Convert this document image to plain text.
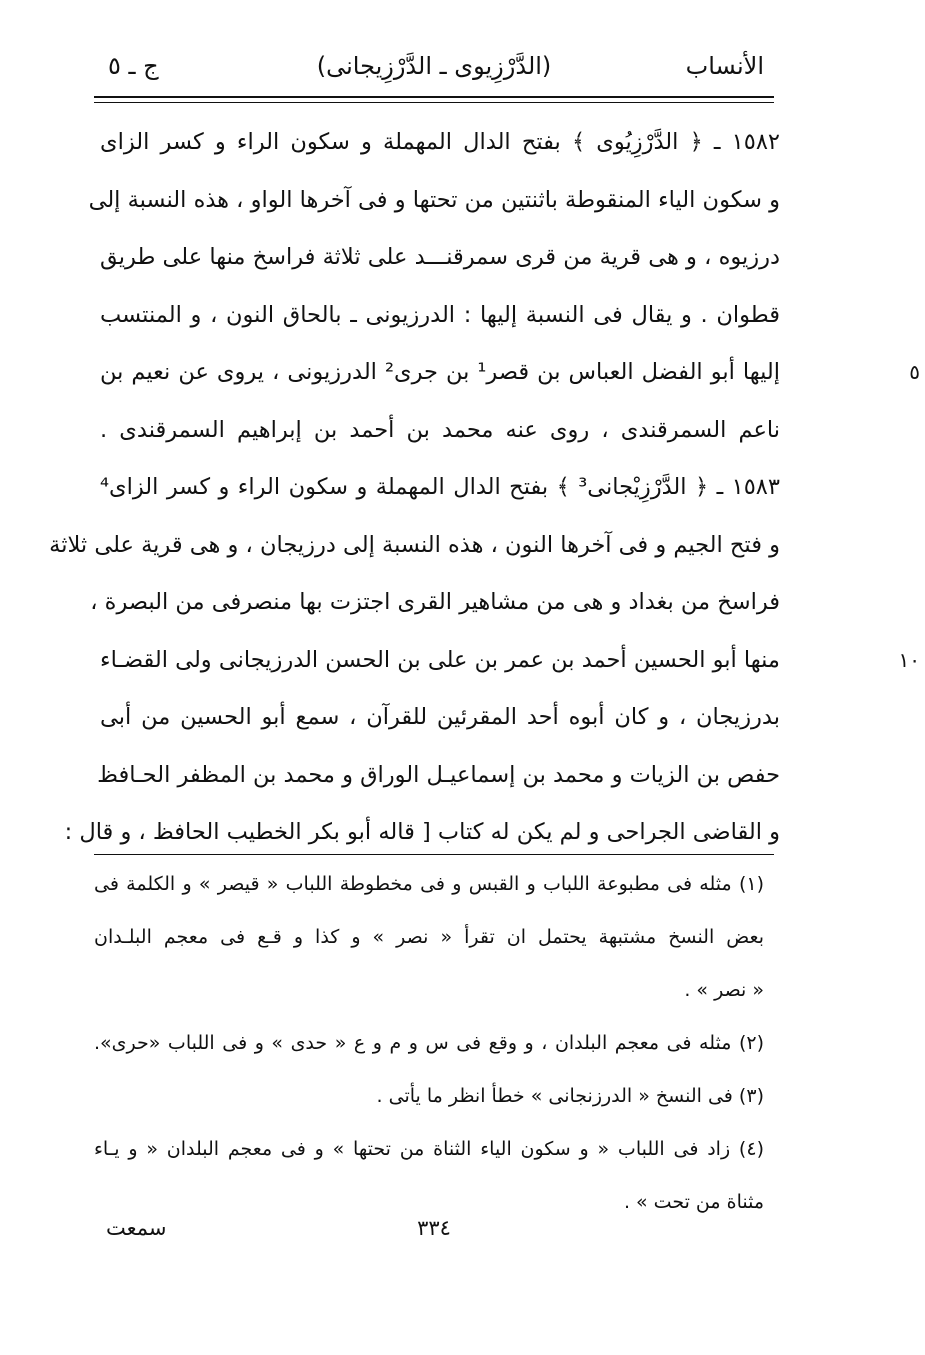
الأنساب
(الدَّرْزِيوى ـ الدَّرْزِيجانى)
ج ـ ٥
١٥٨٢ ـ ﴿ الدَّرْزِيُوى ﴾ بفتح الدال المهملة و سكون الراء و كسر الزاى
و سكون الياء المنقوطة باثنتين من تحتها و فى آخرها الواو ، هذه النسبة إلى
درزيوه ، و هى قرية من قرى سمرقنـــد على ثلاثة فراسخ منها على طريق
قطوان . و يقال فى النسبة إليها : الدرزيونى ـ بالحاق النون ، و المنتسب
٥
إليها أبو الفضل العباس بن قصر¹ بن جرى² الدرزيونى ، يروى عن نعيم بن
ناعم السمرقندى ، روى عنه محمد بن أحمد بن إبراهيم السمرقندى .
١٥٨٣ ـ ﴿ الدَّرْزِيْجانى³ ﴾ بفتح الدال المهملة و سكون الراء و كسر الزاى⁴
و فتح الجيم و فى آخرها النون ، هذه النسبة إلى درزيجان ، و هى قرية على ثلاثة
فراسخ من بغداد و هى من مشاهير القرى اجتزت بها منصرفى من البصرة ،
١٠
منها أبو الحسين أحمد بن عمر بن على بن الحسن الدرزيجانى ولى القضـاء
بدرزيجان ، و كان أبوه أحد المقرئين للقرآن ، سمع أبو الحسين من أبى
حفص بن الزيات و محمد بن إسماعيـل الوراق و محمد بن المظفر الحـافظ
و القاضى الجراحى و لم يكن له كتاب [ قاله أبو بكر الخطيب الحافظ ، و قال :
(١) مثله فى مطبوعة اللباب و القبس و فى مخطوطة اللباب « قيصر » و الكلمة فى
بعض النسخ مشتبهة يحتمل ان تقرأ « نصر » و كذا و قـع فى معجم البلـدان
« نصر » .
(٢) مثله فى معجم البلدان ، و وقع فى س و م و ع « حدى » و فى اللباب «حرى».
(٣) فى النسخ « الدرزنجانى » خطأ انظر ما يأتى .
(٤) زاد فى اللباب « و سكون الياء الثناة من تحتها » و فى معجم البلدان « و يـاء
مثناة من تحت » .
٣٣٤
سمعت
